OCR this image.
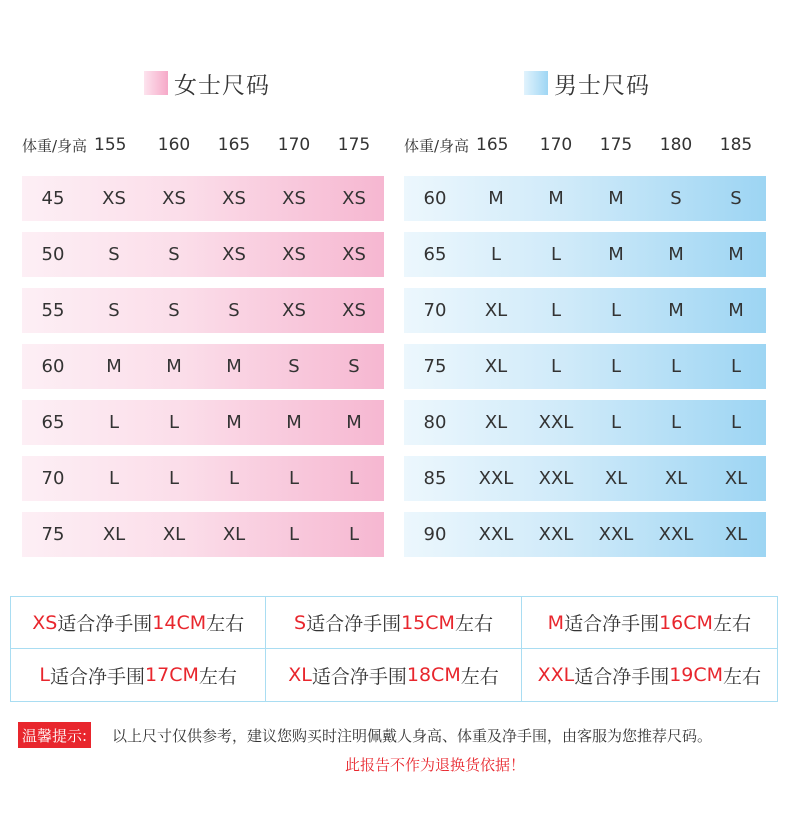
女士尺码	男士尺码
体重/身高 155	160	165	170	175
45	XS	XS	XS	XS	XS
50	S	S	XS	XS	XS
55	S	S	S	XS	XS
60	M	M	M	S	S
65	L	L	M	M	M
70	L	L	L	L	L
75	XL	XL	XL	L	L
体重/身高 165	170	175	180	185
60	M	M	M	S	S
65	L	L	M	M	M
70	XL	L	L	M	M
75	XL	L	L	L	L
80	XL	XXL	L	L	L
85	XXL	XXL	XL	XL	XL
90	XXL	XXL	XXL	XXL	XL
XS 适合净手围 14CM 左右	S 适合净手围 15CM 左右	M 适合净手围 16CM 左右
L 适合净手围 17CM 左右	XL 适合净手围 18CM 左右 XXL 适合净手围 19CM 左右
温馨提示: 以上尺寸仅供参考，建议您购买时注明佩戴人身高、体重及净手围，由客服为您推荐尺码。
此报告不作为退换货依据！
